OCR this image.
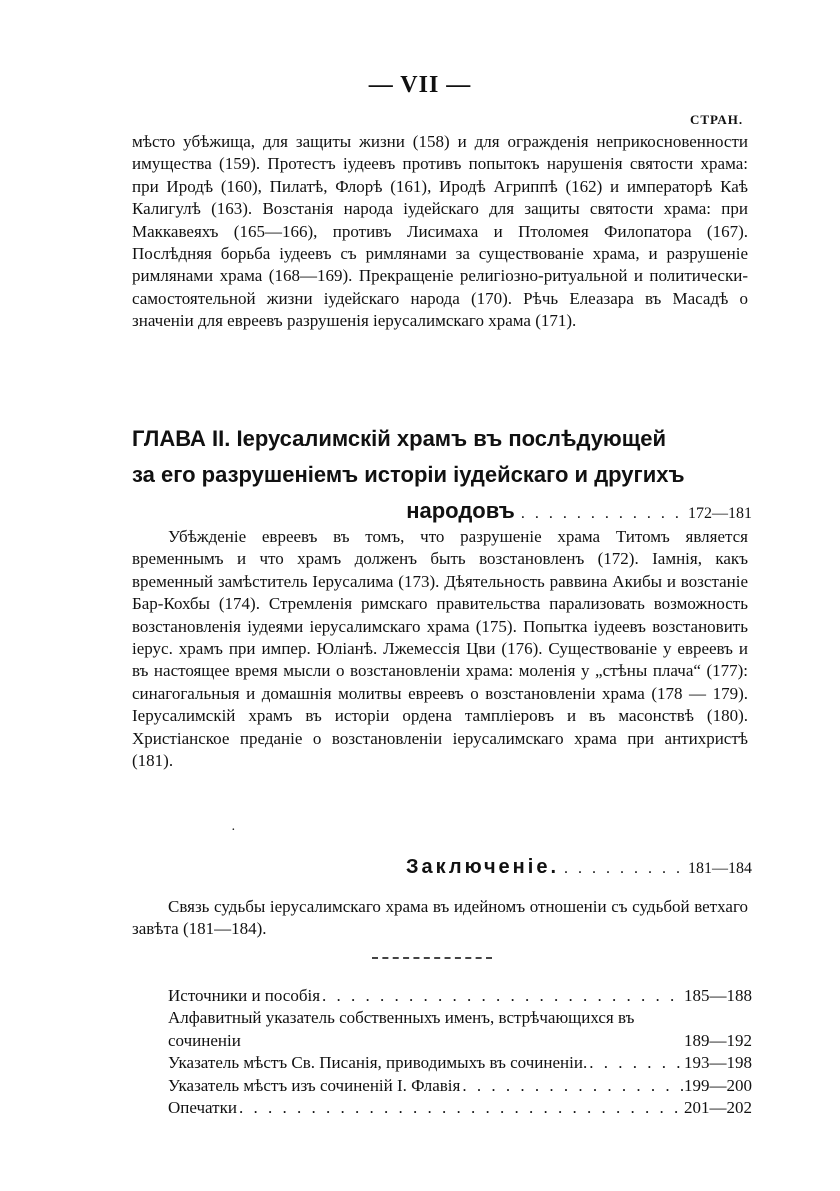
— VII —
СТРАН.

мѣсто убѣжища, для защиты жизни (158) и для огражденія неприкосновенности имущества (159). Протестъ іудеевъ противъ попытокъ нарушенія святости храма: при Иродѣ (160), Пилатѣ, Флорѣ (161), Иродѣ Агриппѣ (162) и императорѣ Каѣ Калигулѣ (163). Возстанія народа іудейскаго для защиты святости храма: при Маккавеяхъ (165—166), противъ Лисимаха и Птоломея Филопатора (167). Послѣдняя борьба іудеевъ съ римлянами за существованіе храма, и разрушеніе римлянами храма (168—169). Прекращеніе религіозно-ритуальной и политически-самостоятельной жизни іудейскаго народа (170). Рѣчь Елеазара въ Масадѣ о значеніи для евреевъ разрушенія іерусалимскаго храма (171).

ГЛАВА II. Іерусалимскій храмъ въ послѣдующей
за его разрушеніемъ исторіи іудейскаго и другихъ
народовъ . . . . . . . . . . . . 172—181

Убѣжденіе евреевъ въ томъ, что разрушеніе храма Титомъ является временнымъ и что храмъ долженъ быть возстановленъ (172). Іамнія, какъ временный замѣститель Іерусалима (173). Дѣятельность раввина Акибы и возстаніе Бар-Кохбы (174). Стремленія римскаго правительства парализовать возможность возстановленія іудеями іерусалимскаго храма (175). Попытка іудеевъ возстановить іерус. храмъ при импер. Юліанѣ. Лжемессія Цви (176). Существованіе у евреевъ и въ настоящее время мысли о возстановленіи храма: моленія у „стѣны плача“ (177): синагогальныя и домашнія молитвы евреевъ о возстановленіи храма (178 — 179). Іерусалимскій храмъ въ исторіи ордена тампліеровъ и въ масонствѣ (180). Христіанское преданіе о возстановленіи іерусалимскаго храма при антихристѣ (181).

·
Заключеніе. . . . . . . . . . 181—184

Связь судьбы іерусалимскаго храма въ идейномъ отношеніи съ судьбой ветхаго завѣта (181—184).

Источники и пособія . . .	185—188
Алфавитный указатель собственныхъ именъ, встрѣчающихся въ сочиненіи	189—192
Указатель мѣстъ Св. Писанія, приводимыхъ въ сочиненіи. . . .	193—198
Указатель мѣстъ изъ сочиненій І. Флавія . . .	199—200
Опечатки . . .	201—202
